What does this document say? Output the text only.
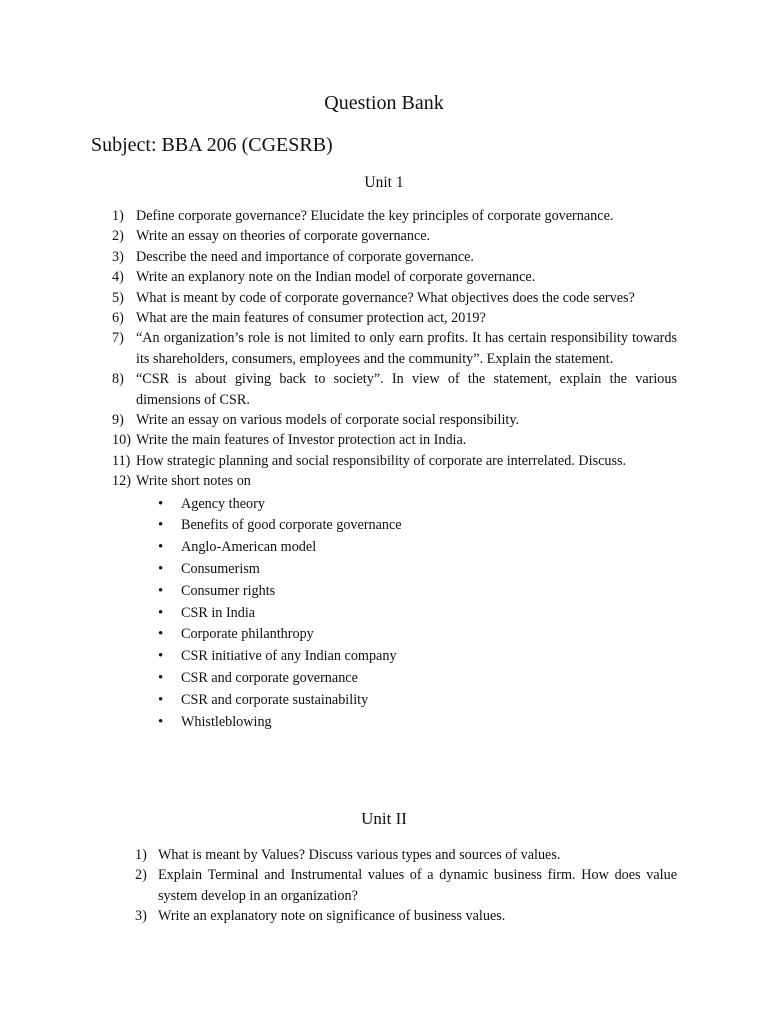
Question Bank
Subject: BBA 206 (CGESRB)
Unit 1
1) Define corporate governance? Elucidate the key principles of corporate governance.
2) Write an essay on theories of corporate governance.
3) Describe the need and importance of corporate governance.
4) Write an explanory note on the Indian model of corporate governance.
5) What is meant by code of corporate governance? What objectives does the code serves?
6) What are the main features of consumer protection act, 2019?
7) “An organization’s role is not limited to only earn profits. It has certain responsibility towards its shareholders, consumers, employees and the community”. Explain the statement.
8) “CSR is about giving back to society”. In view of the statement, explain the various dimensions of CSR.
9) Write an essay on various models of corporate social responsibility.
10) Write the main features of Investor protection act in India.
11) How strategic planning and social responsibility of corporate are interrelated. Discuss.
12) Write short notes on
• Agency theory
• Benefits of good corporate governance
• Anglo-American model
• Consumerism
• Consumer rights
• CSR in India
• Corporate philanthropy
• CSR initiative of any Indian company
• CSR and corporate governance
• CSR and corporate sustainability
• Whistleblowing
Unit II
1) What is meant by Values? Discuss various types and sources of values.
2) Explain Terminal and Instrumental values of a dynamic business firm. How does value system develop in an organization?
3) Write an explanatory note on significance of business values.
